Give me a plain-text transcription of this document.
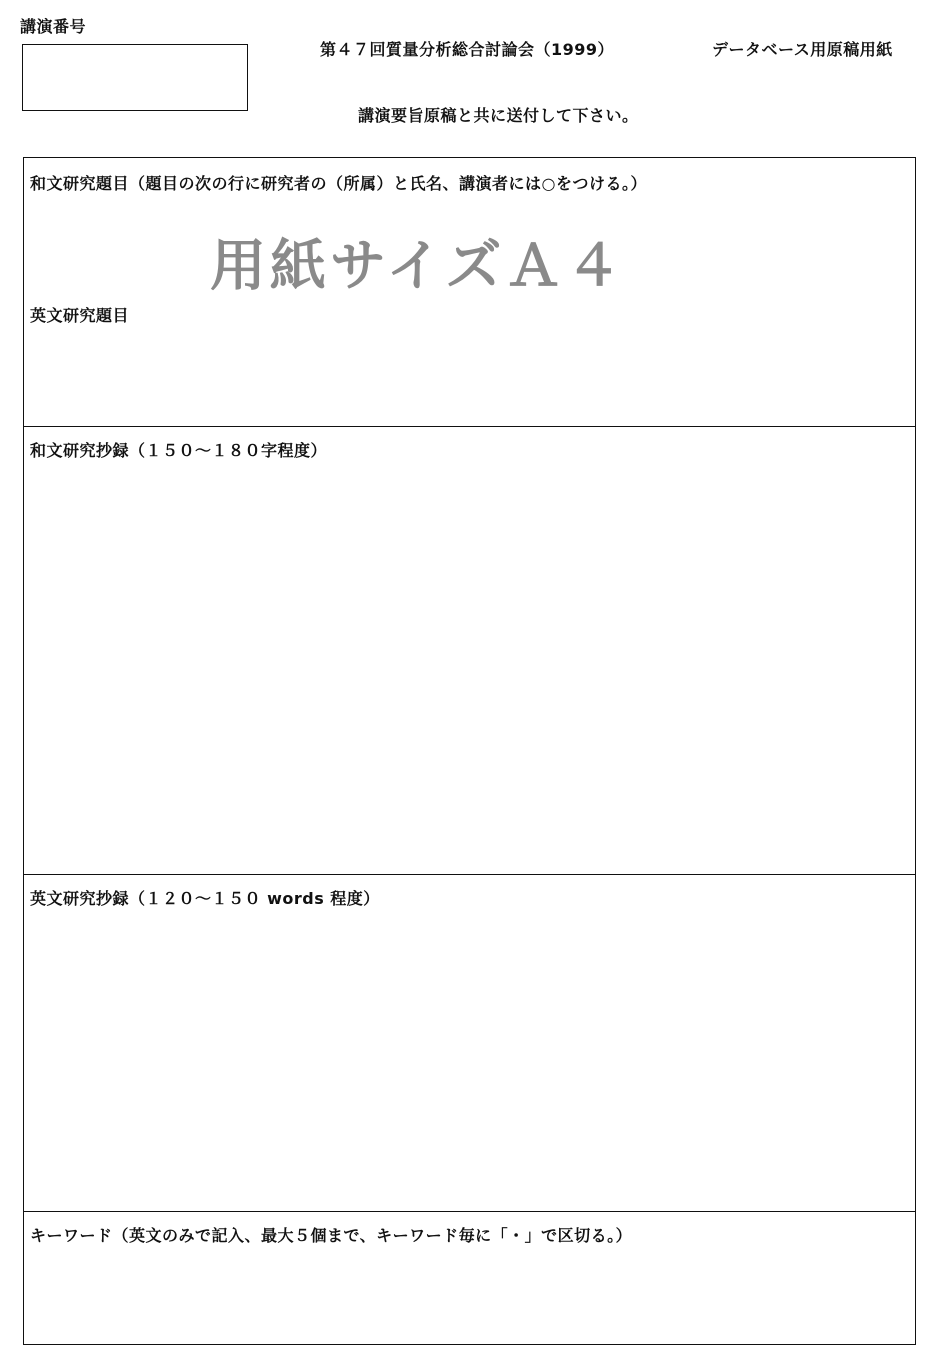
講演番号
第４７回質量分析総合討論会（1999）	データベース用原稿用紙
講演要旨原稿と共に送付して下さい。
和文研究題目（題目の次の行に研究者の（所属）と氏名、講演者には○をつける。）
用紙サイズＡ４
英文研究題目
和文研究抄録（１５０～１８０字程度）
英文研究抄録（１２０～１５０ words 程度）
キーワード（英文のみで記入、最大５個まで、キーワード毎に「・」で区切る。）
